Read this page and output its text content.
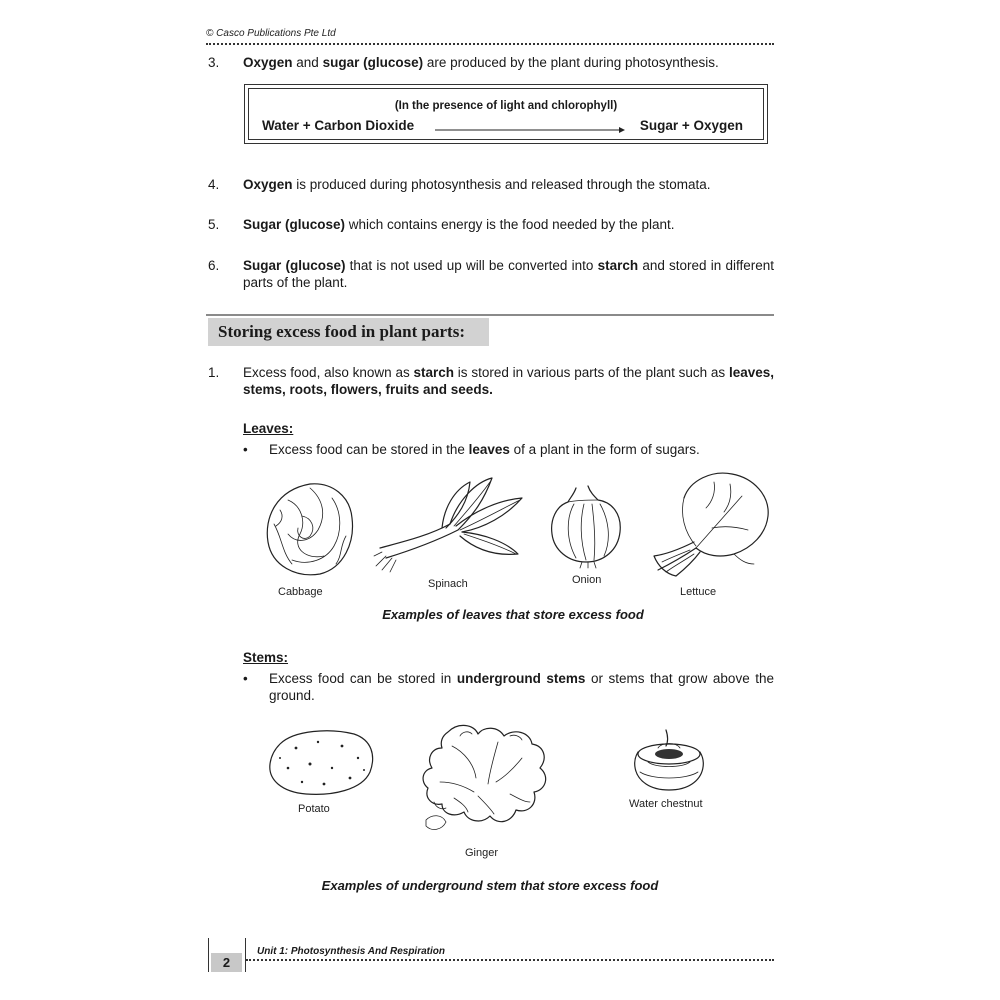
© Casco Publications Pte Ltd
3. Oxygen and sugar (glucose) are produced by the plant during photosynthesis.
(In the presence of light and chlorophyll)
Water + Carbon Dioxide	Sugar + Oxygen
4. Oxygen is produced during photosynthesis and released through the stomata.
5. Sugar (glucose) which contains energy is the food needed by the plant.
6. Sugar (glucose) that is not used up will be converted into starch and stored in different parts of the plant.
Storing excess food in plant parts:
1. Excess food, also known as starch is stored in various parts of the plant such as leaves, stems, roots, flowers, fruits and seeds.
Leaves:
• Excess food can be stored in the leaves of a plant in the form of sugars.
Cabbage
Spinach	Onion
Lettuce
Examples of leaves that store excess food
Stems:
• Excess food can be stored in underground stems or stems that grow above the ground.
Potato
Ginger
Water chestnut
Examples of underground stem that store excess food
2
Unit 1: Photosynthesis And Respiration
